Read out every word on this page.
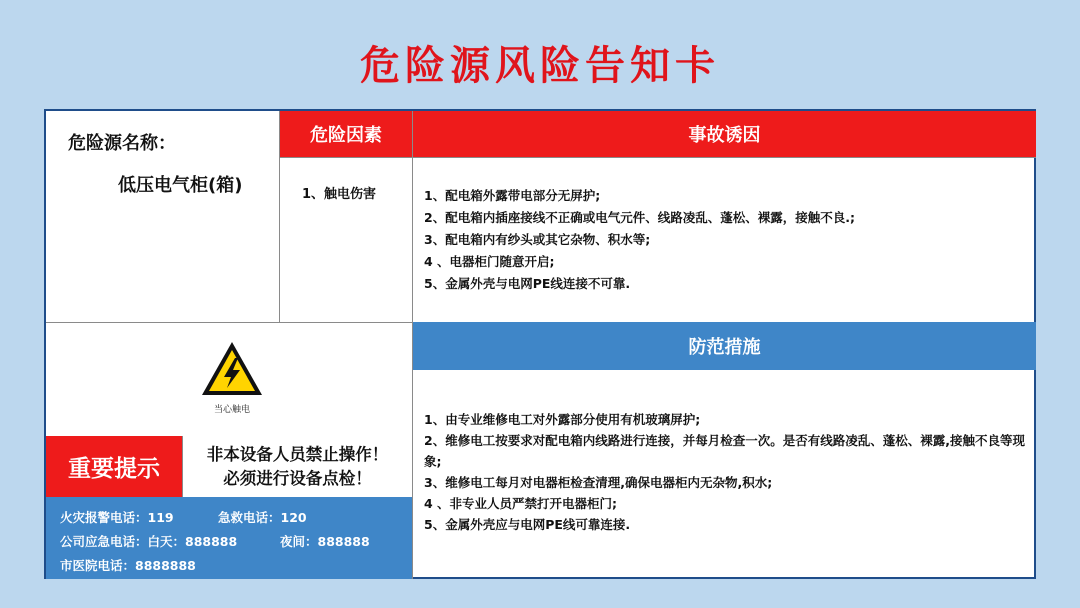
危险源风险告知卡
危险源名称：
低压电气柜(箱)
危险因素
1、触电伤害
事故诱因
1、配电箱外露带电部分无屏护;
2、配电箱内插座接线不正确或电气元件、线路凌乱、蓬松、裸露，接触不良.;
3、配电箱内有纱头或其它杂物、积水等;
4 、电器柜门随意开启;
5、金属外壳与电网PE线连接不可靠.
当心触电
重要提示
非本设备人员禁止操作！
必须进行设备点检！
火灾报警电话：119	急救电话：120
公司应急电话：白天：888888	夜间：888888
市医院电话：8888888
防范措施
1、由专业维修电工对外露部分使用有机玻璃屏护;
2、维修电工按要求对配电箱内线路进行连接，并每月检查一次。是否有线路凌乱、蓬松、裸露,接触不良等现象;
3、维修电工每月对电器柜检查清理,确保电器柜内无杂物,积水;
4 、非专业人员严禁打开电器柜门;
5、金属外壳应与电网PE线可靠连接.
